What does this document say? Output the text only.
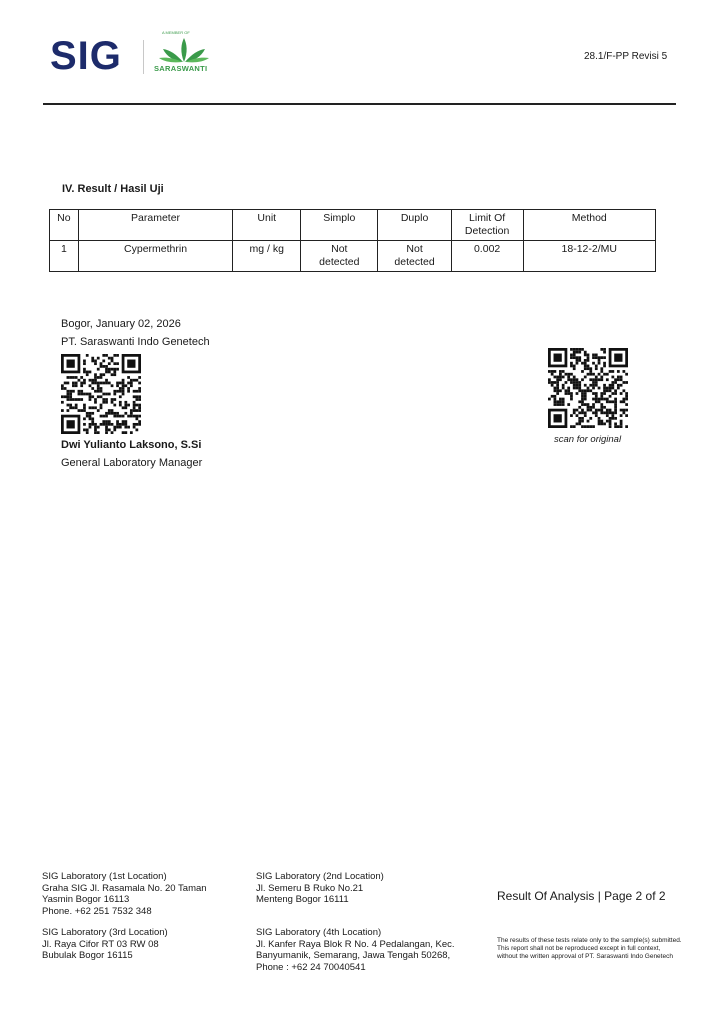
SIG
A MEMBER OF
SARASWANTI
28.1/F-PP Revisi 5
IV. Result / Hasil Uji
No	Parameter	Unit	Simplo	Duplo	Limit Of Detection	Method
1	Cypermethrin	mg / kg	Not detected	Not detected	0.002	18-12-2/MU
Bogor, January 02, 2026
PT. Saraswanti Indo Genetech
Dwi Yulianto Laksono, S.Si
General Laboratory Manager
scan for original
SIG Laboratory (1st Location)
Graha SIG Jl. Rasamala No. 20 Taman
Yasmin Bogor 16113
Phone. +62 251 7532 348
SIG Laboratory (2nd Location)
Jl. Semeru B Ruko No.21
Menteng Bogor 16111
SIG Laboratory (3rd Location)
Jl. Raya Cifor RT 03 RW 08
Bubulak Bogor 16115
SIG Laboratory (4th Location)
Jl. Kanfer Raya Blok R No. 4 Pedalangan, Kec.
Banyumanik, Semarang, Jawa Tengah 50268,
Phone : +62 24 70040541
Result Of Analysis | Page 2 of 2
The results of these tests relate only to the sample(s) submitted.
This report shall not be reproduced except in full context,
without the written approval of PT. Saraswanti Indo Genetech
